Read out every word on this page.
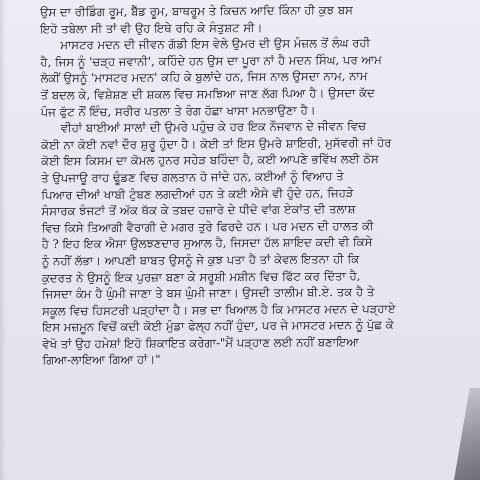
ਉਸ ਦਾ ਰੀਡਿੰਗ ਰੂਮ, ਬੈੱਡ ਰੂਮ, ਬਾਥਰੂਮ ਤੇ ਕਿਚਨ ਆਦਿ ਕਿੰਨਾ ਹੀ ਕੁਝ ਬਸ
ਇਹੋ ਤਬੇਲਾ ਸੀ ਤਾਂ ਵੀ ਉਹ ਇਥੇ ਰਹਿ ਕੇ ਸੰਤੁਸ਼ਟ ਸੀ।
ਮਾਸਟਰ ਮਦਨ ਦੀ ਜੀਵਨ ਗੱਡੀ ਇਸ ਵੇਲੇ ਉਮਰ ਦੀ ਉਸ ਮੰਜ਼ਲ ਤੋਂ ਲੰਘ ਰਹੀ
ਹੈ, ਜਿਸ ਨੂੰ 'ਚੜ੍ਹ ਜਵਾਨੀ', ਕਹਿੰਦੇ ਹਨ ਉਸ ਦਾ ਪੂਰਾ ਨਾਂ ਹੈ ਮਦਨ ਸਿੰਘ, ਪਰ ਆਮ
ਲੋਕੀਂ ਉਸਨੂੰ 'ਮਾਸਟਰ ਮਦਨ' ਕਹਿ ਕੇ ਬੁਲਾਂਦੇ ਹਨ, ਜਿਸ ਨਾਲ ਉਸਦਾ ਨਾਮ, ਨਾਮ
ਤੋਂ ਬਦਲ ਕੇ, ਵਿਸ਼ੇਸ਼ਣ ਦੀ ਸ਼ਕਲ ਵਿਚ ਸਮਝਿਆ ਜਾਣ ਲੱਗ ਪਿਆ ਹੈ। ਉਸਦਾ ਕੱਦ
ਪੰਜ ਫੁੱਟ ਨੌਂ ਇੰਚ, ਸਰੀਰ ਪਤਲਾ ਤੇ ਰੰਗ ਹੱਛਾ ਖਾਸਾ ਮਨਭਾਉਣਾ ਹੈ।
ਵੀਹਾਂ ਬਾਈਆਂ ਸਾਲਾਂ ਦੀ ਉਮਰੇ ਪਹੁੰਚ ਕੇ ਹਰ ਇਕ ਨੌਜਵਾਨ ਦੇ ਜੀਵਨ ਵਿਚ
ਕੋਈ ਨਾ ਕੋਈ ਨਵਾਂ ਦੌਰ ਸ਼ੁਰੂ ਹੁੰਦਾ ਹੈ। ਕੋਈ ਤਾਂ ਇਸ ਉਮਰੇ ਸ਼ਾਇਰੀ, ਮੁਸੱਵਰੀ ਜਾਂ ਹੋਰ
ਕੋਈ ਇਸ ਕਿਸਮ ਦਾ ਕੋਮਲ ਹੁਨਰ ਸਹੇੜ ਬਹਿੰਦਾ ਹੈ, ਕਈ ਆਪਣੇ ਭਵਿੱਖ ਲਈ ਠੋਸ
ਤੇ ਉਪਜਾਊ ਰਾਹ ਢੂੰਡਣ ਵਿਚ ਗਲਤਾਨ ਹੋ ਜਾਂਦੇ ਹਨ, ਕਈਆਂ ਨੂੰ ਵਿਆਹ ਤੇ
ਪਿਆਰ ਦੀਆਂ ਖਾਬੀ ਟੁੰਬਣ ਲਗਦੀਆਂ ਹਨ ਤੇ ਕਈ ਐਸੇ ਵੀ ਹੁੰਦੇ ਹਨ, ਜਿਹੜੇ
ਸੰਸਾਰਕ ਝੰਜਟਾਂ ਤੋਂ ਅੱਕ ਥੱਕ ਕੇ ਤਬਦ ਹਜ਼ਾਰੇ ਦੇ ਧੀਦੋ ਵਾਂਗ ਏਕਾਂਤ ਦੀ ਤਲਾਸ਼
ਵਿਚ ਕਿਸੇ ਤਿਆਗੀ ਵੈਰਾਗੀ ਦੇ ਮਗਰ ਤੁਰੇ ਫਿਰਦੇ ਹਨ। ਪਰ ਮਦਨ ਦੀ ਹਾਲਤ ਕੀ
ਹੈ ? ਇਹ ਇਕ ਐਸਾ ਉਲਝਣਦਾਰ ਸੁਆਲ ਹੈ, ਜਿਸਦਾ ਹੱਲ ਸ਼ਾਇਦ ਕਦੀ ਵੀ ਕਿਸੇ
ਨੂੰ ਨਹੀਂ ਲੱਭਾ। ਆਪਣੀ ਬਾਬਤ ਉਸਨੂੰ ਜੇ ਕੁਝ ਪਤਾ ਹੈ ਤਾਂ ਕੇਵਲ ਇਤਨਾ ਹੀ ਕਿ
ਕੁਦਰਤ ਨੇ ਉਸਨੂੰ ਇਕ ਪੁਰਜ਼ਾ ਬਣਾ ਕੇ ਸਰੂਸ਼ੀ ਮਸ਼ੀਨ ਵਿਚ ਫਿੱਟ ਕਰ ਦਿੱਤਾ ਹੈ,
ਜਿਸਦਾ ਕੰਮ ਹੈ ਘੁੰਮੀ ਜਾਣਾ ਤੇ ਬਸ ਘੁੰਮੀ ਜਾਣਾ। ਉਸਦੀ ਤਾਲੀਮ ਬੀ.ਏ. ਤਕ ਹੈ ਤੇ
ਸਕੂਲ ਵਿਚ ਹਿਸਟਰੀ ਪੜ੍ਹਾਂਦਾ ਹੈ। ਸਭ ਦਾ ਖਿਆਲ ਹੈ ਕਿ ਮਾਸਟਰ ਮਦਨ ਦੇ ਪੜ੍ਹਾਏ
ਇਸ ਮਜ਼ਮੂਨ ਵਿਚੋਂ ਕਦੀ ਕੋਈ ਮੁੰਡਾ ਫੇਲ੍ਹ ਨਹੀਂ ਹੁੰਦਾ, ਪਰ ਜੇ ਮਾਸਟਰ ਮਦਨ ਨੂੰ ਪੁੱਛ ਕੇ
ਵੇਖੋ ਤਾਂ ਉਹ ਹਮੇਸ਼ਾਂ ਇਹੋ ਸ਼ਿਕਾਇਤ ਕਰੇਗਾ-"ਮੈਂ ਪੜ੍ਹਾਣ ਲਈ ਨਹੀਂ ਬਣਾਇਆ
ਗਿਆ-ਲਾਇਆ ਗਿਆ ਹਾਂ।"
